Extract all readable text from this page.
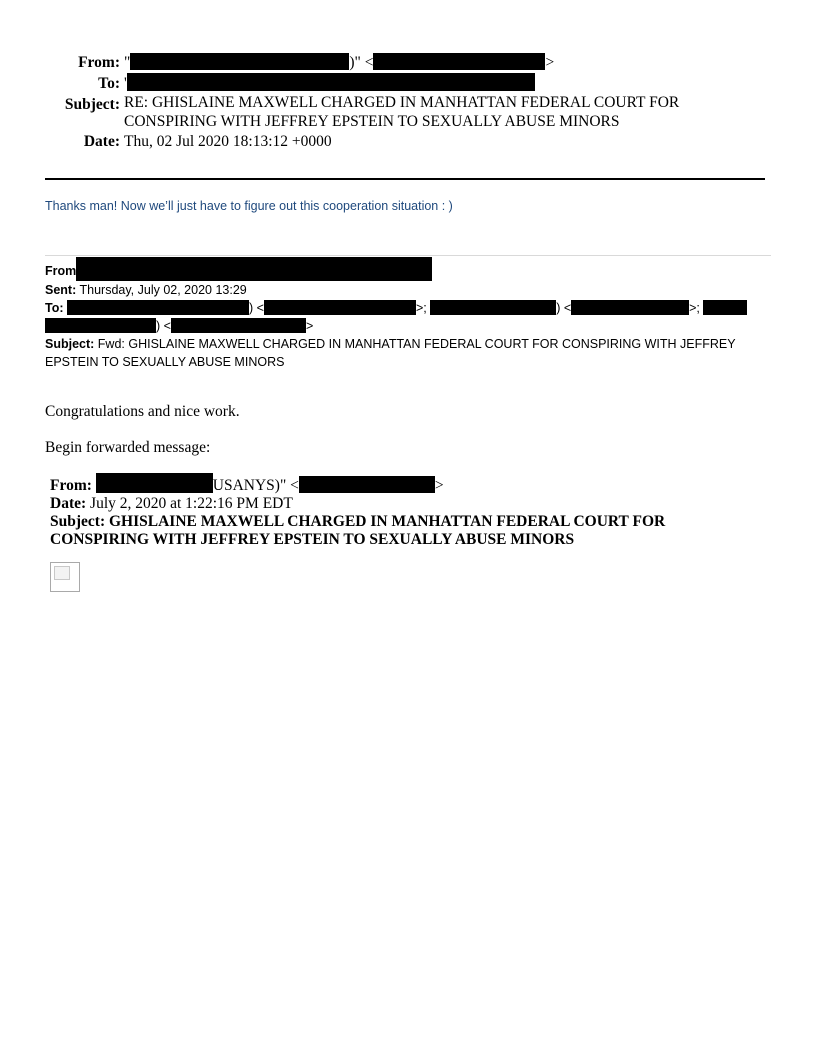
From: "	)" <	>
To: '
Subject: RE: GHISLAINE MAXWELL CHARGED IN MANHATTAN FEDERAL COURT FOR CONSPIRING WITH JEFFREY EPSTEIN TO SEXUALLY ABUSE MINORS
Date: Thu, 02 Jul 2020 18:13:12 +0000
Thanks man! Now we’ll just have to figure out this cooperation situation : )
From
Sent: Thursday, July 02, 2020 13:29
To:	) <	>;	) <	>;
) <	>
Subject: Fwd: GHISLAINE MAXWELL CHARGED IN MANHATTAN FEDERAL COURT FOR CONSPIRING WITH JEFFREY EPSTEIN TO SEXUALLY ABUSE MINORS
Congratulations and nice work.
Begin forwarded message:
From:	USANYS)" <	>
Date: July 2, 2020 at 1:22:16 PM EDT
Subject: GHISLAINE MAXWELL CHARGED IN MANHATTAN FEDERAL COURT FOR CONSPIRING WITH JEFFREY EPSTEIN TO SEXUALLY ABUSE MINORS
